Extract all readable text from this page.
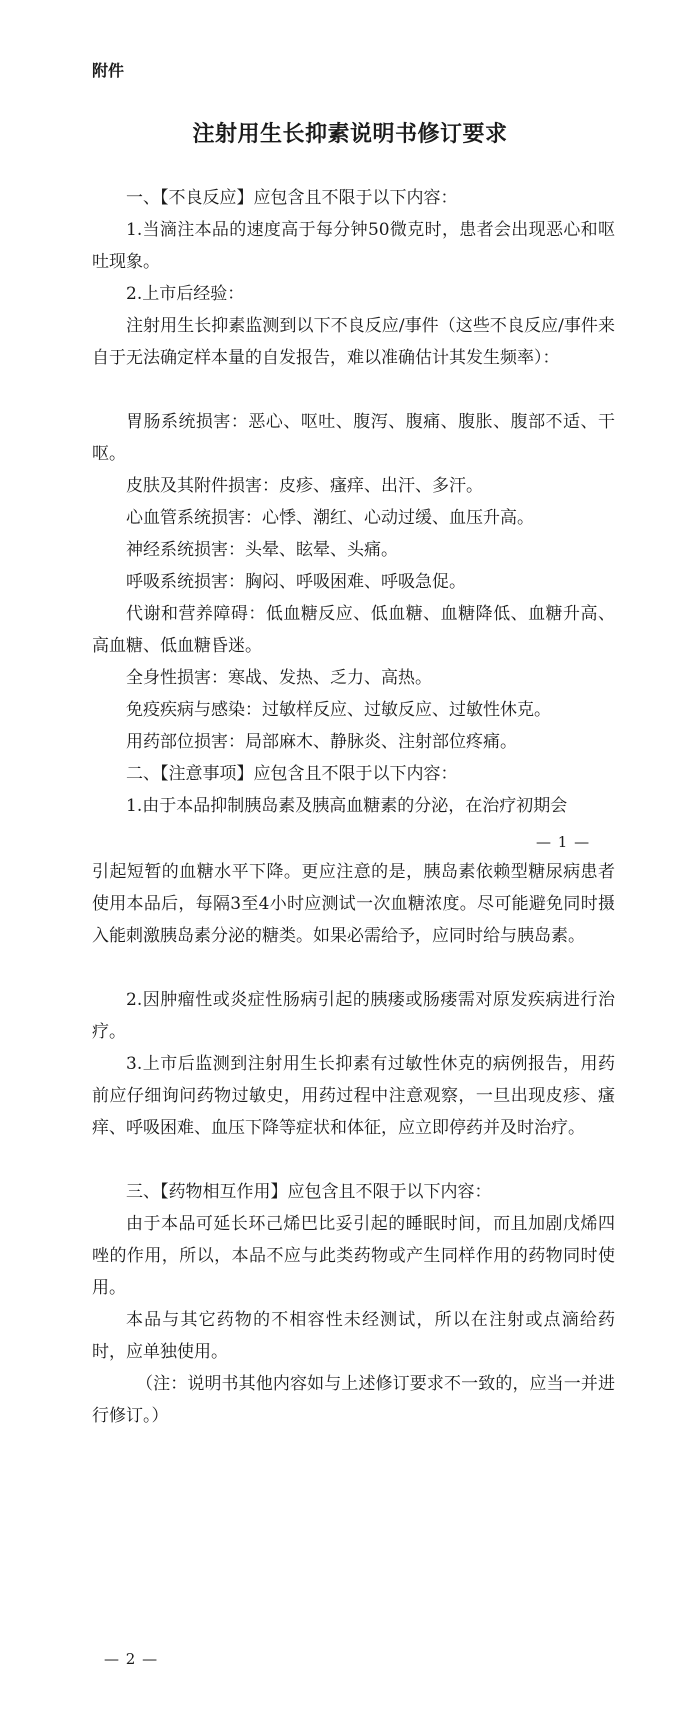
附件
注射用生长抑素说明书修订要求

一、【不良反应】应包含且不限于以下内容：

1.当滴注本品的速度高于每分钟50微克时，患者会出现恶心和呕吐现象。

2.上市后经验：

注射用生长抑素监测到以下不良反应/事件（这些不良反应/事件来自于无法确定样本量的自发报告，难以准确估计其发生频率）：

胃肠系统损害：恶心、呕吐、腹泻、腹痛、腹胀、腹部不适、干呕。

皮肤及其附件损害：皮疹、瘙痒、出汗、多汗。

心血管系统损害：心悸、潮红、心动过缓、血压升高。

神经系统损害：头晕、眩晕、头痛。

呼吸系统损害：胸闷、呼吸困难、呼吸急促。

代谢和营养障碍：低血糖反应、低血糖、血糖降低、血糖升高、高血糖、低血糖昏迷。

全身性损害：寒战、发热、乏力、高热。

免疫疾病与感染：过敏样反应、过敏反应、过敏性休克。

用药部位损害：局部麻木、静脉炎、注射部位疼痛。

二、【注意事项】应包含且不限于以下内容：

1.由于本品抑制胰岛素及胰高血糖素的分泌，在治疗初期会

— 1 —

引起短暂的血糖水平下降。更应注意的是，胰岛素依赖型糖尿病患者使用本品后，每隔3至4小时应测试一次血糖浓度。尽可能避免同时摄入能刺激胰岛素分泌的糖类。如果必需给予，应同时给与胰岛素。

2.因肿瘤性或炎症性肠病引起的胰瘘或肠瘘需对原发疾病进行治疗。

3.上市后监测到注射用生长抑素有过敏性休克的病例报告，用药前应仔细询问药物过敏史，用药过程中注意观察，一旦出现皮疹、瘙痒、呼吸困难、血压下降等症状和体征，应立即停药并及时治疗。

三、【药物相互作用】应包含且不限于以下内容：

由于本品可延长环己烯巴比妥引起的睡眠时间，而且加剧戊烯四唑的作用，所以，本品不应与此类药物或产生同样作用的药物同时使用。

本品与其它药物的不相容性未经测试，所以在注射或点滴给药时，应单独使用。

（注：说明书其他内容如与上述修订要求不一致的，应当一并进行修订。）

— 2 —
